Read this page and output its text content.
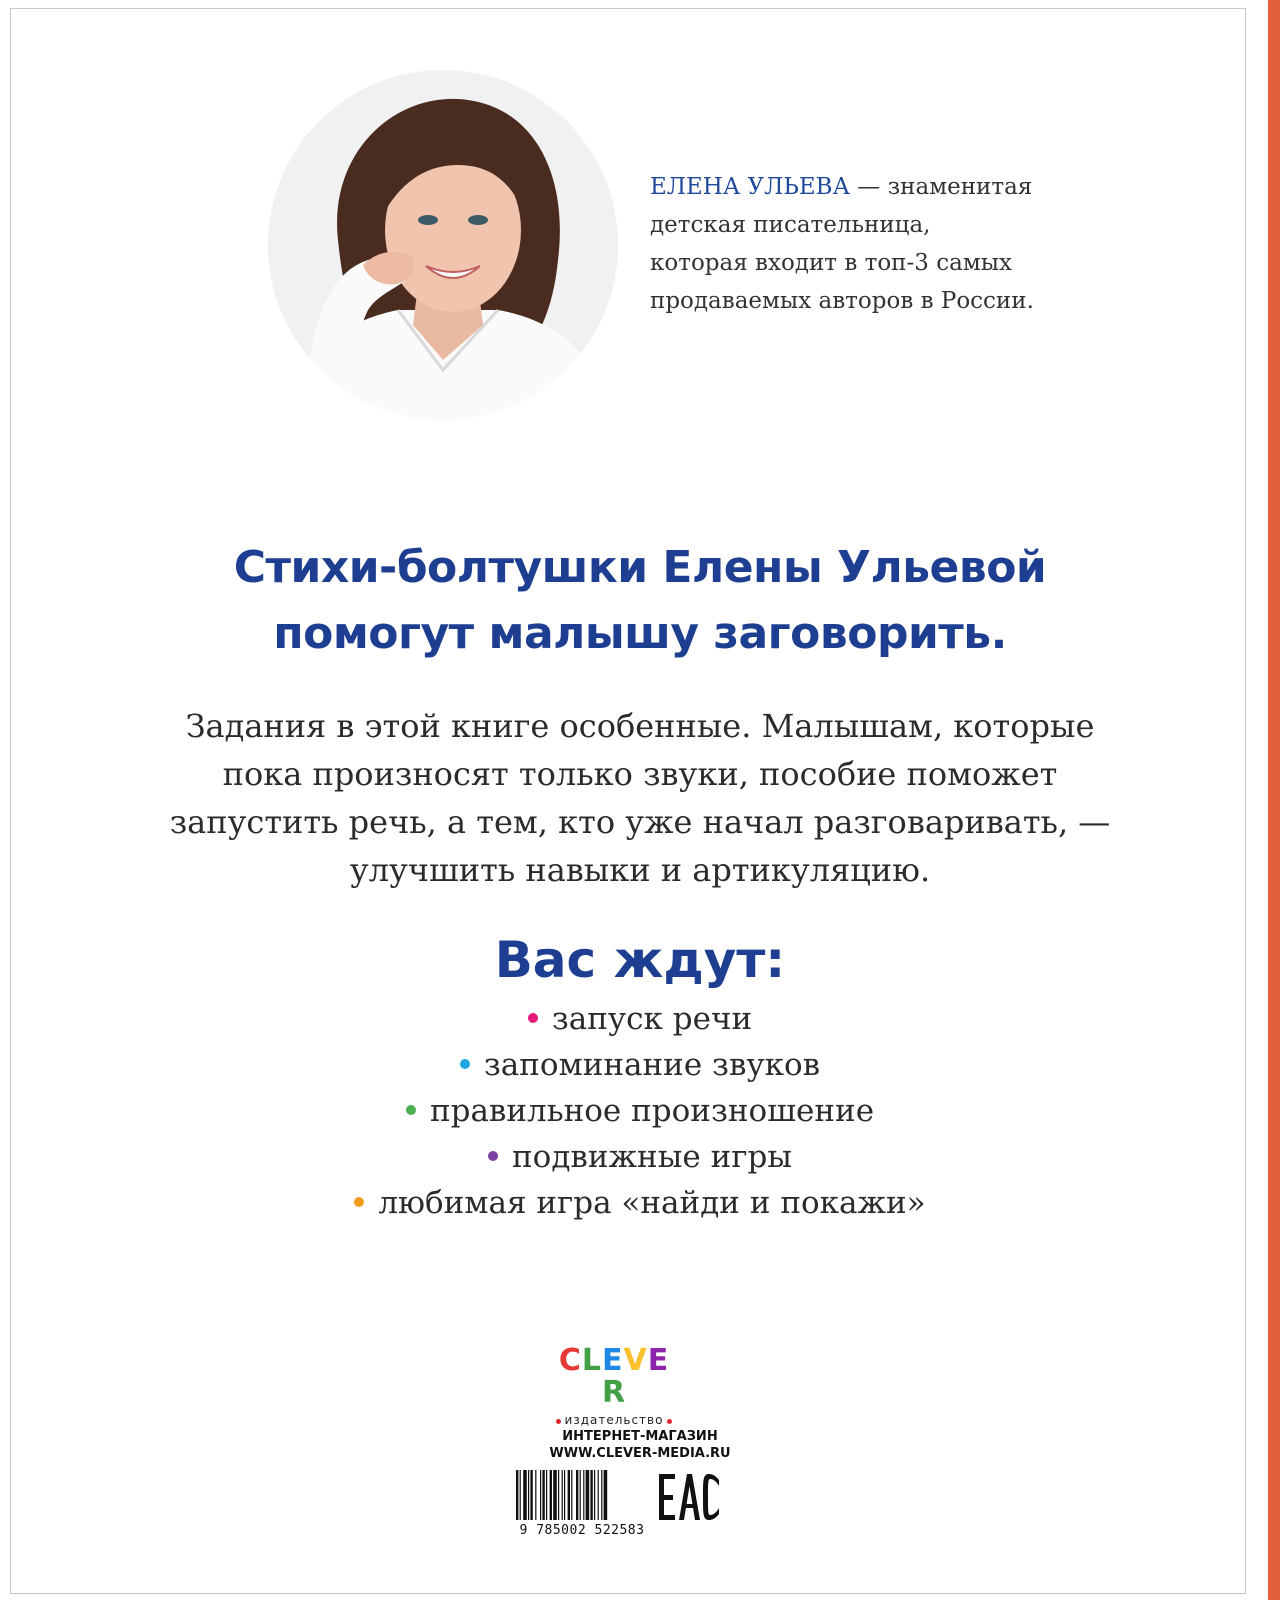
ЕЛЕНА УЛЬЕВА — знаменитая
детская писательница,
которая входит в топ-3 самых
продаваемых авторов в России.
Стихи-болтушки Елены Ульевой
помогут малышу заговорить.
Задания в этой книге особенные. Малышам, которые
пока произносят только звуки, пособие поможет
запустить речь, а тем, кто уже начал разговаривать, —
улучшить навыки и артикуляцию.
Вас ждут:
запуск речи
запоминание звуков
правильное произношение
подвижные игры
любимая игра «найди и покажи»
CLEVER
издательство
ИНТЕРНЕТ-МАГАЗИН
WWW.CLEVER-MEDIA.RU
9 785002 522583
